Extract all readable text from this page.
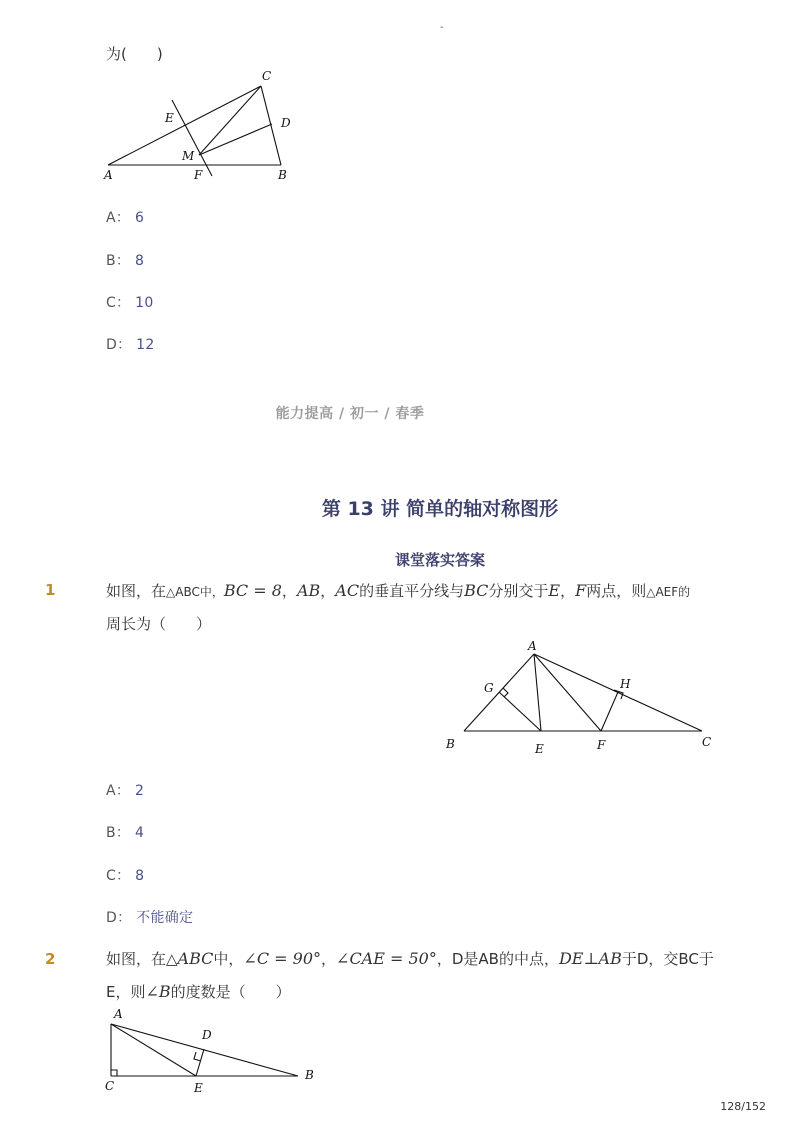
-
为(　　)
C
E	D
M
A	F	B
A： 6
B： 8
C： 10
D： 12
能力提高 / 初一 / 春季
第 13 讲 简单的轴对称图形
课堂落实答案
1	如图，在△ABC中，BC = 8，AB，AC的垂直平分线与BC分别交于E，F两点，则△AEF的
周长为（　　）
A
G	H
B	E	F	C
A： 2
B： 4
C： 8
D： 不能确定
2	如图，在△ABC中，∠C = 90°，∠CAE = 50°，D是AB的中点，DE⊥AB于D，交BC于
E，则∠B的度数是（　　）
A
D
C	E
B
128/152
